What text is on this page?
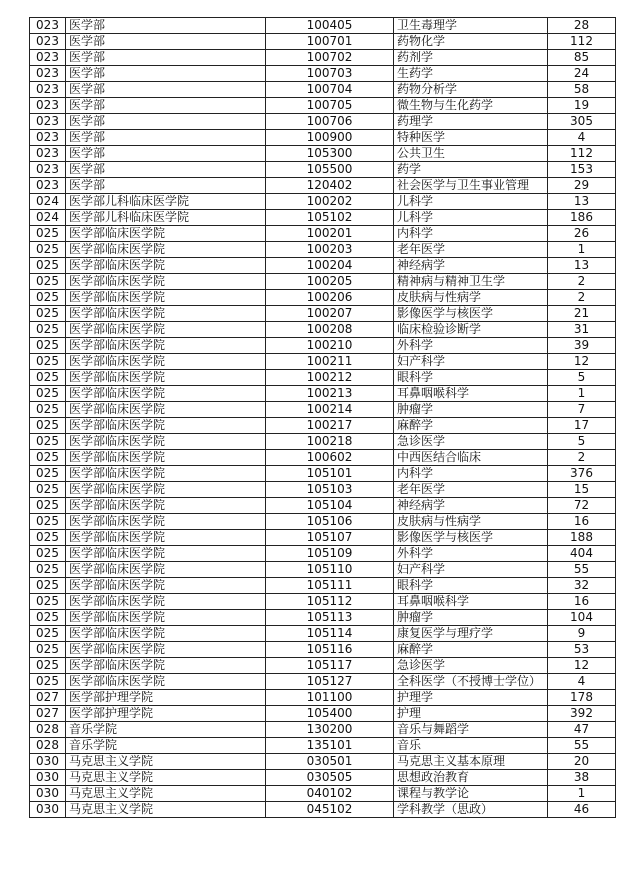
023	医学部	100405	卫生毒理学	28
023	医学部	100701	药物化学	112
023	医学部	100702	药剂学	85
023	医学部	100703	生药学	24
023	医学部	100704	药物分析学	58
023	医学部	100705	微生物与生化药学	19
023	医学部	100706	药理学	305
023	医学部	100900	特种医学	4
023	医学部	105300	公共卫生	112
023	医学部	105500	药学	153
023	医学部	120402	社会医学与卫生事业管理	29
024	医学部儿科临床医学院	100202	儿科学	13
024	医学部儿科临床医学院	105102	儿科学	186
025	医学部临床医学院	100201	内科学	26
025	医学部临床医学院	100203	老年医学	1
025	医学部临床医学院	100204	神经病学	13
025	医学部临床医学院	100205	精神病与精神卫生学	2
025	医学部临床医学院	100206	皮肤病与性病学	2
025	医学部临床医学院	100207	影像医学与核医学	21
025	医学部临床医学院	100208	临床检验诊断学	31
025	医学部临床医学院	100210	外科学	39
025	医学部临床医学院	100211	妇产科学	12
025	医学部临床医学院	100212	眼科学	5
025	医学部临床医学院	100213	耳鼻咽喉科学	1
025	医学部临床医学院	100214	肿瘤学	7
025	医学部临床医学院	100217	麻醉学	17
025	医学部临床医学院	100218	急诊医学	5
025	医学部临床医学院	100602	中西医结合临床	2
025	医学部临床医学院	105101	内科学	376
025	医学部临床医学院	105103	老年医学	15
025	医学部临床医学院	105104	神经病学	72
025	医学部临床医学院	105106	皮肤病与性病学	16
025	医学部临床医学院	105107	影像医学与核医学	188
025	医学部临床医学院	105109	外科学	404
025	医学部临床医学院	105110	妇产科学	55
025	医学部临床医学院	105111	眼科学	32
025	医学部临床医学院	105112	耳鼻咽喉科学	16
025	医学部临床医学院	105113	肿瘤学	104
025	医学部临床医学院	105114	康复医学与理疗学	9
025	医学部临床医学院	105116	麻醉学	53
025	医学部临床医学院	105117	急诊医学	12
025	医学部临床医学院	105127	全科医学（不授博士学位）	4
027	医学部护理学院	101100	护理学	178
027	医学部护理学院	105400	护理	392
028	音乐学院	130200	音乐与舞蹈学	47
028	音乐学院	135101	音乐	55
030	马克思主义学院	030501	马克思主义基本原理	20
030	马克思主义学院	030505	思想政治教育	38
030	马克思主义学院	040102	课程与教学论	1
030	马克思主义学院	045102	学科教学（思政）	46
